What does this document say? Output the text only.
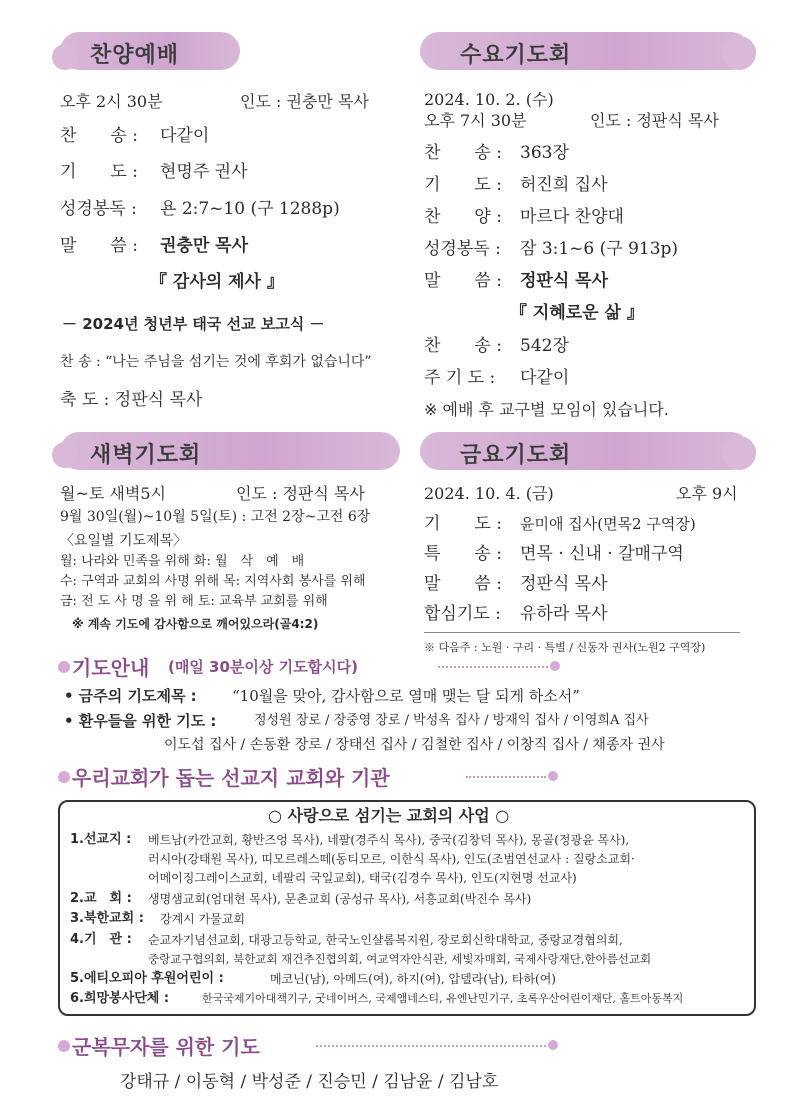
찬양예배
오후 2시 30분	인도 : 권충만 목사
찬　　송 : 다같이
기　　도 : 현명주 권사
성경봉독 : 욘 2:7~10 (구 1288p)
말　　씀 : 권충만 목사
『 감사의 제사 』
－ 2024년 청년부 태국 선교 보고식 －
찬 송 : “나는 주님을 섬기는 것에 후회가 없습니다”
축 도 : 정판식 목사
수요기도회
2024. 10. 2. (수)
오후 7시 30분	인도 : 정판식 목사
찬　　송 : 363장
기　　도 : 허진희 집사
찬　　양 : 마르다 찬양대
성경봉독 : 잠 3:1~6 (구 913p)
말　　씀 : 정판식 목사
『 지혜로운 삶 』
찬　　송 : 542장
주 기 도 : 다같이
※ 예배 후 교구별 모임이 있습니다.
새벽기도회
월~토 새벽5시	인도 : 정판식 목사
9월 30일(월)~10월 5일(토) : 고전 2장~고전 6장
〈요일별 기도제목〉
월: 나라와 민족을 위해 화: 월　삭　예　배
수: 구역과 교회의 사명 위해 목: 지역사회 봉사를 위해
금: 전 도 사 명 을 위 해 토: 교육부 교회를 위해
※ 계속 기도에 감사함으로 깨어있으라(골4:2)
금요기도회
2024. 10. 4. (금)	오후 9시
기　　도 : 윤미애 집사(면목2 구역장)
특　　송 : 면목 · 신내 · 갈매구역
말　　씀 : 정판식 목사
합심기도 : 유하라 목사
※ 다음주 : 노원 · 구리 · 특별 / 신동자 권사(노원2 구역장)
기도안내 (매일 30분이상 기도합시다)
• 금주의 기도제목 : “10월을 맞아, 감사함으로 열매 맺는 달 되게 하소서”
• 환우들을 위한 기도 :	정성원 장로 / 장중영 장로 / 박성옥 집사 / 방재익 집사 / 이영희A 집사
이도섭 집사 / 손동환 장로 / 장태선 집사 / 김철한 집사 / 이창직 집사 / 채종자 권사
우리교회가 돕는 선교지 교회와 기관
○ 사랑으로 섬기는 교회의 사업 ○
1.선교지 : 베트남(카깐교회, 황반즈엉 목사), 네팔(경주식 목사), 중국(김창덕 목사), 몽골(정광윤 목사),
러시아(강태원 목사), 띠모르레스떼(동티모르, 이한식 목사), 인도(조범연선교사 : 질랑소교회·
어메이징그레이스교회, 네팔리 국일교회), 태국(김경수 목사), 인도(지현명 선교사)
2.교　회 : 생명샘교회(엄대현 목사), 문촌교회 (공성규 목사), 서흥교회(박진수 목사)
3.북한교회 : 강계시 가물교회
4.기　관 : 순교자기념선교회, 대광고등학교, 한국노인샬롬복지원, 장로회신학대학교, 중랑교경협의회,
중랑교구협의회, 북한교회 재건추진협의회, 여교역자안식관, 세빛자매회, 국제사랑재단,한아름선교회
5.에티오피아 후원어린이 :	메코닌(남), 아메드(여), 하지(여), 압델라(남), 타하(여)
6.희망봉사단체 :	한국국제기아대책기구, 굿네이버스, 국제앰네스티, 유엔난민기구, 초록우산어린이재단, 홀트아동복지
군복무자를 위한 기도
강태규 / 이동혁 / 박성준 / 진승민 / 김남윤 / 김남호
